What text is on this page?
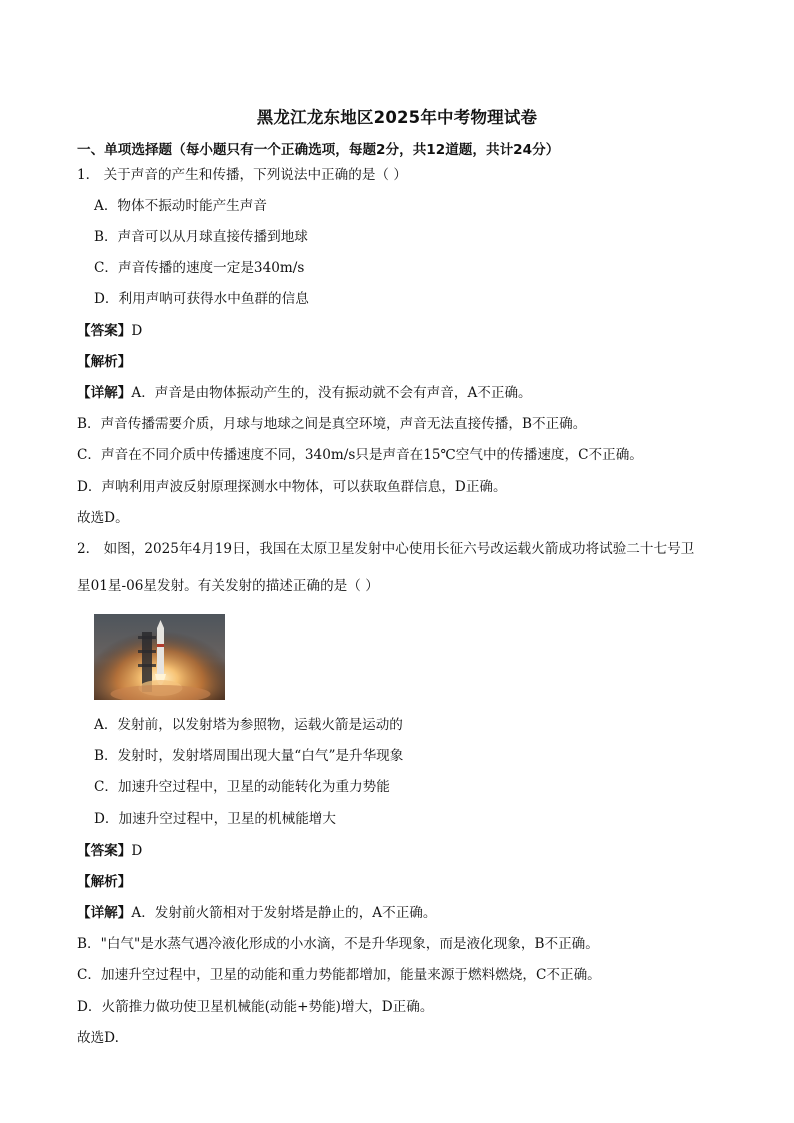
黑龙江龙东地区2025年中考物理试卷
一、单项选择题（每小题只有一个正确选项，每题2分，共12道题，共计24分）
1． 关于声音的产生和传播，下列说法中正确的是（ ）
A．物体不振动时能产生声音
B．声音可以从月球直接传播到地球
C．声音传播的速度一定是340m/s
D．利用声呐可获得水中鱼群的信息
【答案】D
【解析】
【详解】A．声音是由物体振动产生的，没有振动就不会有声音，A不正确。
B．声音传播需要介质，月球与地球之间是真空环境，声音无法直接传播，B不正确。
C．声音在不同介质中传播速度不同，340m/s只是声音在15℃空气中的传播速度，C不正确。
D．声呐利用声波反射原理探测水中物体，可以获取鱼群信息，D正确。
故选D。
2． 如图，2025年4月19日，我国在太原卫星发射中心使用长征六号改运载火箭成功将试验二十七号卫
星01星-06星发射。有关发射的描述正确的是（ ）
A．发射前，以发射塔为参照物，运载火箭是运动的
B．发射时，发射塔周围出现大量“白气”是升华现象
C．加速升空过程中，卫星的动能转化为重力势能
D．加速升空过程中，卫星的机械能增大
【答案】D
【解析】
【详解】A．发射前火箭相对于发射塔是静止的，A不正确。
B．"白气"是水蒸气遇冷液化形成的小水滴，不是升华现象，而是液化现象，B不正确。
C．加速升空过程中，卫星的动能和重力势能都增加，能量来源于燃料燃烧，C不正确。
D．火箭推力做功使卫星机械能(动能+势能)增大，D正确。
故选D.
